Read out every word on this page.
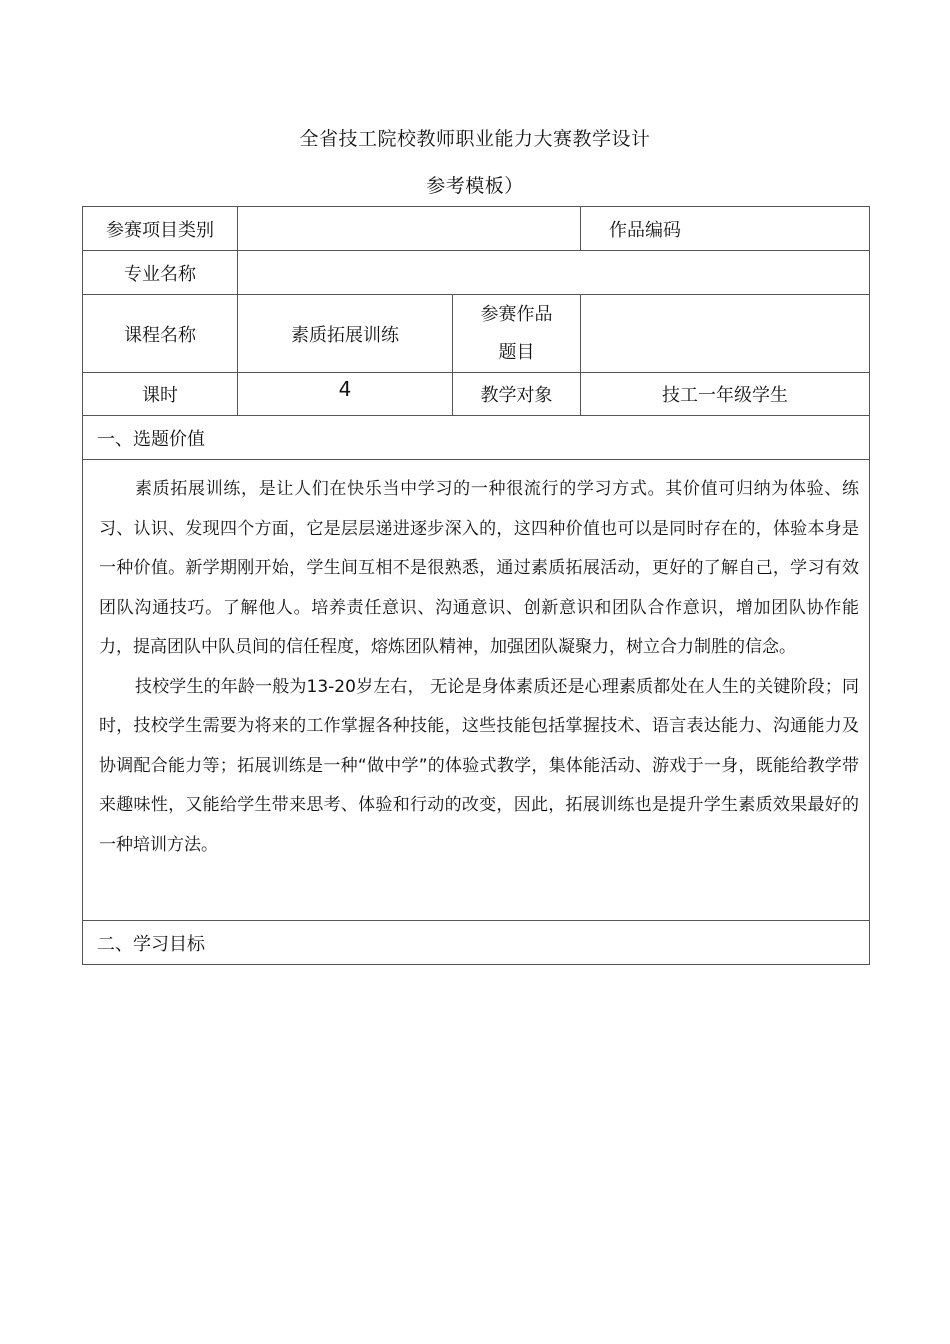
全省技工院校教师职业能力大赛教学设计
参考模板）
参赛项目类别			作品编码
专业名称			
课程名称	素质拓展训练	参赛作品
题目	

课时	4	教学对象	技工一年级学生
一、选题价值			

素质拓展训练，是让人们在快乐当中学习的一种很流行的学习方式。其价值可归纳为体验、练习、认识、发现四个方面，它是层层递进逐步深入的，这四种价值也可以是同时存在的，体验本身是一种价值。新学期刚开始，学生间互相不是很熟悉，通过素质拓展活动，更好的了解自己，学习有效团队沟通技巧。了解他人。培养责任意识、沟通意识、创新意识和团队合作意识，增加团队协作能力，提高团队中队员间的信任程度，熔炼团队精神，加强团队凝聚力，树立合力制胜的信念。

技校学生的年龄一般为13-20岁左右， 无论是身体素质还是心理素质都处在人生的关键阶段；同时，技校学生需要为将来的工作掌握各种技能，这些技能包括掌握技术、语言表达能力、沟通能力及协调配合能力等；拓展训练是一种“做中学”的体验式教学，集体能活动、游戏于一身，既能给教学带来趣味性，又能给学生带来思考、体验和行动的改变，因此，拓展训练也是提升学生素质效果最好的一种培训方法。			

二、学习目标			
